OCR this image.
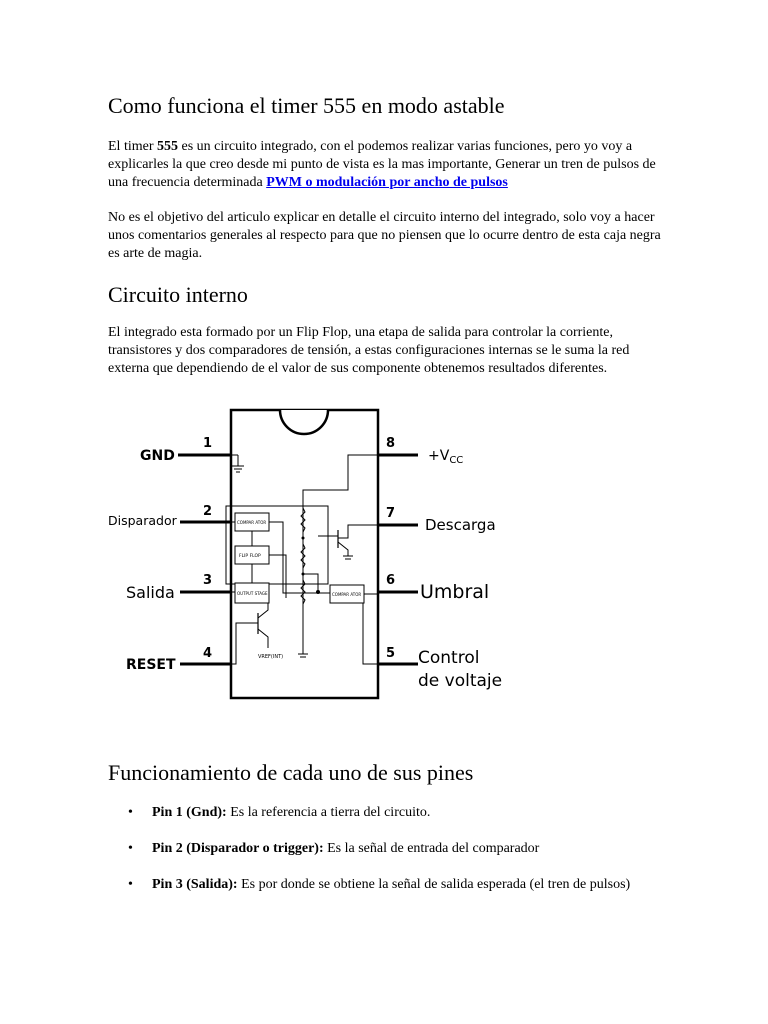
Como funciona el timer 555 en modo astable

El timer 555 es un circuito integrado, con el podemos realizar varias funciones, pero yo voy a explicarles la que creo desde mi punto de vista es la mas importante, Generar un tren de pulsos de una frecuencia determinada PWM o modulación por ancho de pulsos

No es el objetivo del articulo explicar en detalle el circuito interno del integrado, solo voy a hacer unos comentarios generales al respecto para que no piensen que lo ocurre dentro de esta caja negra es arte de magia.

Circuito interno

El integrado esta formado por un Flip Flop, una etapa de salida para controlar la corriente, transistores y dos comparadores de tensión, a estas configuraciones internas se le suma la red externa que dependiendo de el valor de sus componente obtenemos resultados diferentes.

1
2
3
4
8
7
6
5
GND
Disparador
Salida
RESET
$+V_{CC}$
Descarga
Umbral
Control
de voltaje
COMPAR ATOR
FLIP FLOP
OUTPUT STAGE	COMPAR ATOR
VREF(INT)
Funcionamiento de cada uno de sus pines
• Pin 1 (Gnd): Es la referencia a tierra del circuito.
• Pin 2 (Disparador o trigger): Es la señal de entrada del comparador
• Pin 3 (Salida): Es por donde se obtiene la señal de salida esperada (el tren de pulsos)
